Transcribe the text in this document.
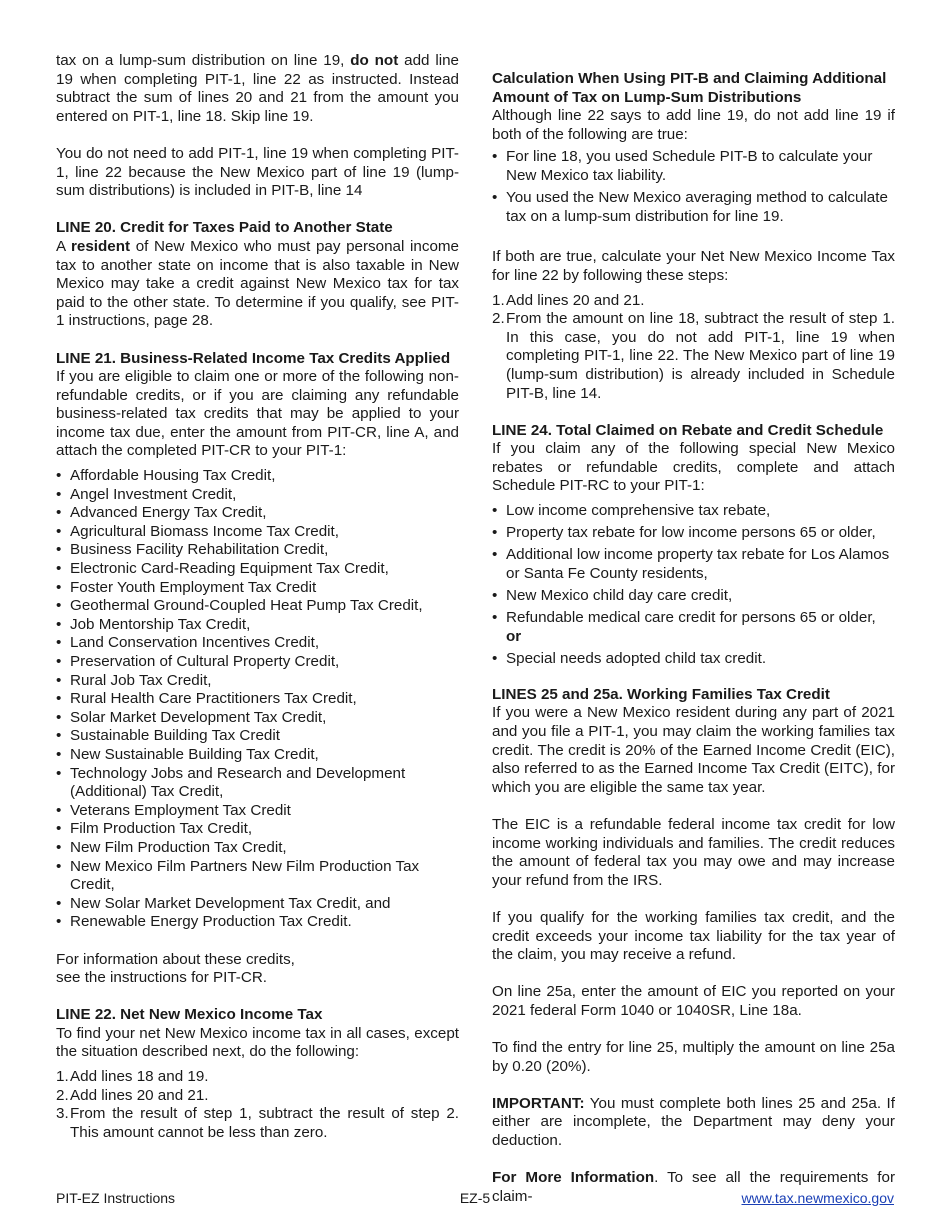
tax on a lump-sum distribution on line 19, do not add line 19 when completing PIT-1, line 22 as instructed. Instead subtract the sum of lines 20 and 21 from the amount you entered on PIT-1, line 18. Skip line 19.

You do not need to add PIT-1, line 19 when completing PIT-1, line 22 because the New Mexico part of line 19 (lump-sum distributions) is included in PIT-B, line 14

LINE 20. Credit for Taxes Paid to Another State

A resident of New Mexico who must pay personal income tax to another state on income that is also taxable in New Mexico may take a credit against New Mexico tax for tax paid to the other state. To determine if you qualify, see PIT-1 instructions, page 28.

LINE 21. Business-Related Income Tax Credits Applied

If you are eligible to claim one or more of the following non-refundable credits, or if you are claiming any refundable business-related tax credits that may be applied to your income tax due, enter the amount from PIT-CR, line A, and attach the completed PIT-CR to your PIT-1:

• Affordable Housing Tax Credit,
• Angel Investment Credit,
• Advanced Energy Tax Credit,
• Agricultural Biomass Income Tax Credit,
• Business Facility Rehabilitation Credit,
• Electronic Card-Reading Equipment Tax Credit,
• Foster Youth Employment Tax Credit
• Geothermal Ground-Coupled Heat Pump Tax Credit,
• Job Mentorship Tax Credit,
• Land Conservation Incentives Credit,
• Preservation of Cultural Property Credit,
• Rural Job Tax Credit,
• Rural Health Care Practitioners Tax Credit,
• Solar Market Development Tax Credit,
• Sustainable Building Tax Credit
• New Sustainable Building Tax Credit,
• Technology Jobs and Research and Development (Additional) Tax Credit,
• Veterans Employment Tax Credit
• Film Production Tax Credit,
• New Film Production Tax Credit,
• New Mexico Film Partners New Film Production Tax Credit,
• New Solar Market Development Tax Credit, and
• Renewable Energy Production Tax Credit.

For information about these credits,
see the instructions for PIT-CR.

LINE 22. Net New Mexico Income Tax

To find your net New Mexico income tax in all cases, except the situation described next, do the following:

1. Add lines 18 and 19.
2. Add lines 20 and 21.
3. From the result of step 1, subtract the result of step 2. This amount cannot be less than zero.
Calculation When Using PIT-B and Claiming Additional Amount of Tax on Lump-Sum Distributions

Although line 22 says to add line 19, do not add line 19 if both of the following are true:

• For line 18, you used Schedule PIT-B to calculate your New Mexico tax liability.
• You used the New Mexico averaging method to calculate tax on a lump-sum distribution for line 19.

If both are true, calculate your Net New Mexico Income Tax for line 22 by following these steps:

1. Add lines 20 and 21.
2. From the amount on line 18, subtract the result of step 1. In this case, you do not add PIT-1, line 19 when completing PIT-1, line 22. The New Mexico part of line 19 (lump-sum distribution) is already included in Schedule PIT-B, line 14.
LINE 24. Total Claimed on Rebate and Credit Schedule

If you claim any of the following special New Mexico rebates or refundable credits, complete and attach Schedule PIT-RC to your PIT-1:

• Low income comprehensive tax rebate,
• Property tax rebate for low income persons 65 or older,
• Additional low income property tax rebate for Los Alamos or Santa Fe County residents,
• New Mexico child day care credit,
• Refundable medical care credit for persons 65 or older,
or
• Special needs adopted child tax credit.
LINES 25 and 25a. Working Families Tax Credit

If you were a New Mexico resident during any part of 2021 and you file a PIT-1, you may claim the working families tax credit. The credit is 20% of the Earned Income Credit (EIC), also referred to as the Earned Income Tax Credit (EITC), for which you are eligible the same tax year.

The EIC is a refundable federal income tax credit for low income working individuals and families. The credit reduces the amount of federal tax you may owe and may increase your refund from the IRS.

If you qualify for the working families tax credit, and the credit exceeds your income tax liability for the tax year of the claim, you may receive a refund.

On line 25a, enter the amount of EIC you reported on your 2021 federal Form 1040 or 1040SR, Line 18a.

To find the entry for line 25, multiply the amount on line 25a by 0.20 (20%).

IMPORTANT: You must complete both lines 25 and 25a. If either are incomplete, the Department may deny your deduction.

For More Information. To see all the requirements for claim-

PIT-EZ Instructions	EZ-5	www.tax.newmexico.gov
